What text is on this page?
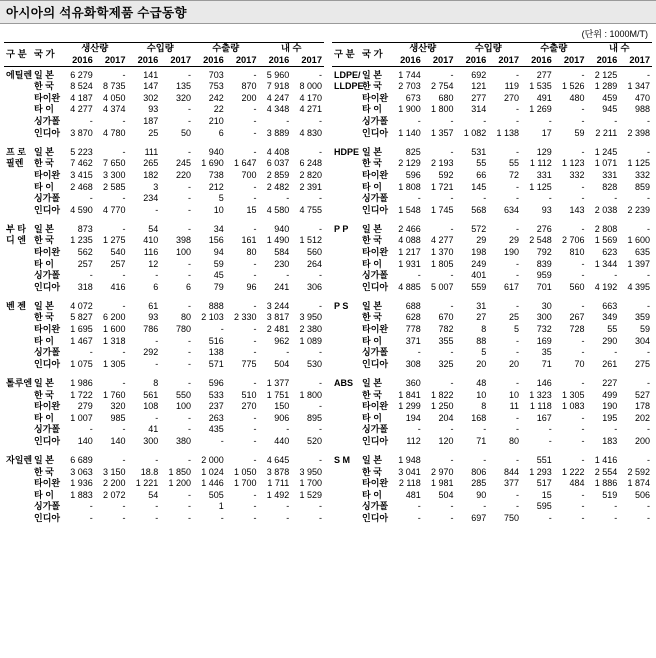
아시아의 석유화학제품 수급동향
(단위 : 1000M/T)
구 분	국 가	생산량		수입량		수출량		내 수	
		2016	2017	2016	2017	2016	2017	2016	2017
에틸렌	일 본	6 279	-	141	-	703	-	5 960	-
	한 국	8 524	8 735	147	135	753	870	7 918	8 000
	타이완	4 187	4 050	302	320	242	200	4 247	4 170
	타 이	4 277	4 374	93	-	22	-	4 348	4 271
	싱가폴	-	-	187	-	210	-	-	-
	인디아	3 870	4 780	25	50	6	-	3 889	4 830

프 로	일 본	5 223	-	111	-	940	-	4 408	-
필렌	한 국	7 462	7 650	265	245	1 690	1 647	6 037	6 248
	타이완	3 415	3 300	182	220	738	700	2 859	2 820
	타 이	2 468	2 585	3	-	212	-	2 482	2 391
	싱가폴	-	-	234	-	5	-	-	-
	인디아	4 590	4 770	-	-	10	15	4 580	4 755

부 타	일 본	873	-	54	-	34	-	940	-
디 엔	한 국	1 235	1 275	410	398	156	161	1 490	1 512
	타이완	562	540	116	100	94	80	584	560
	타 이	257	257	12	-	59	-	230	264
	싱가폴	-	-	-	-	45	-	-	-
	인디아	318	416	6	6	79	96	241	306

벤 젠	일 본	4 072	-	61	-	888	-	3 244	-
	한 국	5 827	6 200	93	80	2 103	2 330	3 817	3 950
	타이완	1 695	1 600	786	780	-	-	2 481	2 380
	타 이	1 467	1 318	-	-	516	-	962	1 089
	싱가폴	-	-	292	-	138	-	-	-
	인디아	1 075	1 305	-	-	571	775	504	530

톨루엔	일 본	1 986	-	8	-	596	-	1 377	-
	한 국	1 722	1 760	561	550	533	510	1 751	1 800
	타이완	279	320	108	100	237	270	150	-
	타 이	1 007	985	-	-	263	-	906	895
	싱가폴	-	-	41	-	435	-	-	-
	인디아	140	140	300	380	-	-	440	520

자일렌	일 본	6 689	-	-	-	2 000	-	4 645	-
	한 국	3 063	3 150	18.8	1 850	1 024	1 050	3 878	3 950
	타이완	1 936	2 200	1 221	1 200	1 446	1 700	1 711	1 700
	타 이	1 883	2 072	54	-	505	-	1 492	1 529
	싱가폴	-	-	-	-	1	-	-	-
	인디아	-	-	-	-	-	-	-	-
구 분	국 가	생산량		수입량		수출량		내 수	
		2016	2017	2016	2017	2016	2017	2016	2017
LDPE/	일 본	1 744	-	692	-	277	-	2 125	-
LLDPE	한 국	2 703	2 754	121	119	1 535	1 526	1 289	1 347
	타이완	673	680	277	270	491	480	459	470
	타 이	1 900	1 800	314	-	1 269	-	945	988
	싱가폴	-	-	-	-	-	-	-	-
	인디아	1 140	1 357	1 082	1 138	17	59	2 211	2 398

HDPE	일 본	825	-	531	-	129	-	1 245	-
	한 국	2 129	2 193	55	55	1 112	1 123	1 071	1 125
	타이완	596	592	66	72	331	332	331	332
	타 이	1 808	1 721	145	-	1 125	-	828	859
	싱가폴	-	-	-	-	-	-	-	-
	인디아	1 548	1 745	568	634	93	143	2 038	2 239

P P	일 본	2 466	-	572	-	276	-	2 808	-
	한 국	4 088	4 277	29	29	2 548	2 706	1 569	1 600
	타이완	1 217	1 370	198	190	792	810	623	635
	타 이	1 931	1 805	249	-	839	-	1 344	1 397
	싱가폴	-	-	401	-	959	-	-	-
	인디아	4 885	5 007	559	617	701	560	4 192	4 395

P S	일 본	688	-	31	-	30	-	663	-
	한 국	628	670	27	25	300	267	349	359
	타이완	778	782	8	5	732	728	55	59
	타 이	371	355	88	-	169	-	290	304
	싱가폴	-	-	5	-	35	-	-	-
	인디아	308	325	20	20	71	70	261	275

ABS	일 본	360	-	48	-	146	-	227	-
	한 국	1 841	1 822	10	10	1 323	1 305	499	527
	타이완	1 299	1 250	8	11	1 118	1 083	190	178
	타 이	194	204	168	-	167	-	195	202
	싱가폴	-	-	-	-	-	-	-	-
	인디아	112	120	71	80	-	-	183	200

S M	일 본	1 948	-	-	-	551	-	1 416	-
	한 국	3 041	2 970	806	844	1 293	1 222	2 554	2 592
	타이완	2 118	1 981	285	377	517	484	1 886	1 874
	타 이	481	504	90	-	15	-	519	506
	싱가폴	-	-	-	-	595	-	-	-
	인디아	-	-	697	750	-	-	-	-
